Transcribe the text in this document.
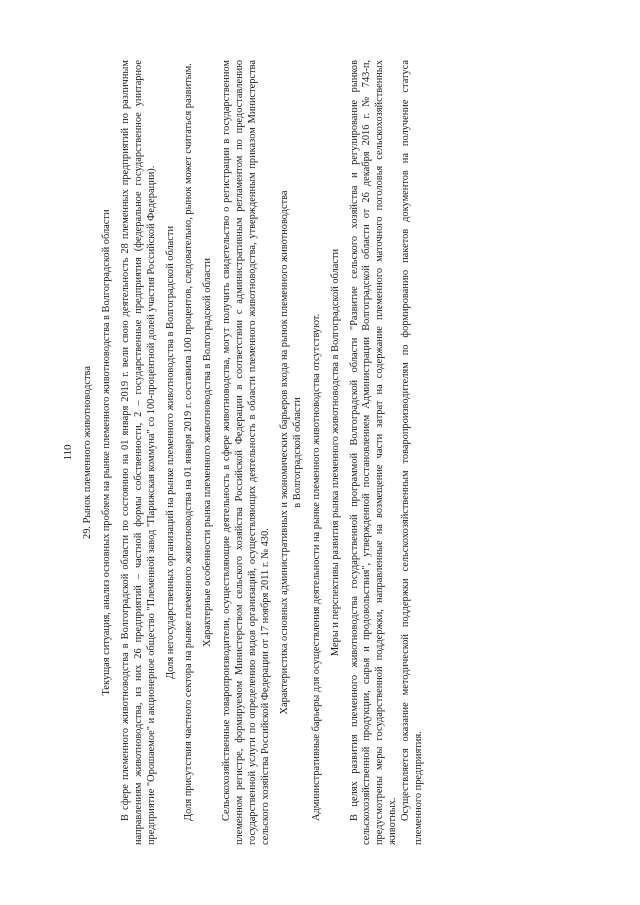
110 29. Рынок племенного животноводства Текущая ситуация, анализ основных проблем на рынке племенного животноводства в Волгоградской области В сфере племенного животноводства в Волгоградской области по состоянию на 01 января 2019 г. вели свою деятельность 28 племенных предприятий по различным направлениям животноводства, из них 26 предприятий – частной формы собственности, 2 – государственные предприятия (федеральное государственное унитарное предприятие "Орошаемое" и акционерное общество "Племенной завод "Парижская коммуна" со 100-процентной долей участия Российской Федерации). Доля негосударственных организаций на рынке племенного животноводства в Волгоградской области Доля присутствия частного сектора на рынке племенного животноводства на 01 января 2019 г. составила 100 процентов, следовательно, рынок может считаться развитым. Характерные особенности рынка племенного животноводства в Волгоградской области Сельскохозяйственные товаропроизводители, осуществляющие деятельность в сфере животноводства, могут получить свидетельство о регистрации в государственном племенном регистре, формируемом Министерством сельского хозяйства Российской Федерации в соответствии с административным регламентом по предоставлению государственной услуги по определению видов организаций, осуществляющих деятельность в области племенного животноводства, утвержденным приказом Министерства сельского хозяйства Российской Федерации от 17 ноября 2011 г. № 430. Характеристика основных административных и экономических барьеров входа на рынок племенного животноводства в Волгоградской области Административные барьеры для осуществления деятельности на рынке племенного животноводства отсутствуют. Меры и перспективы развития рынка племенного животноводства в Волгоградской области В целях развития племенного животноводства государственной программой Волгоградской области "Развитие сельского хозяйства и регулирование рынков сельскохозяйственной продукции, сырья и продовольствия", утвержденной постановлением Администрации Волгоградской области от 26 декабря 2016 г. № 743-п, предусмотрены меры государственной поддержки, направленные на возмещение части затрат на содержание племенного маточного поголовья сельскохозяйственных животных.

Осуществляется оказание методической поддержки сельскохозяйственным товаропроизводителям по формированию пакетов документов на получение статуса племенного предприятия.
